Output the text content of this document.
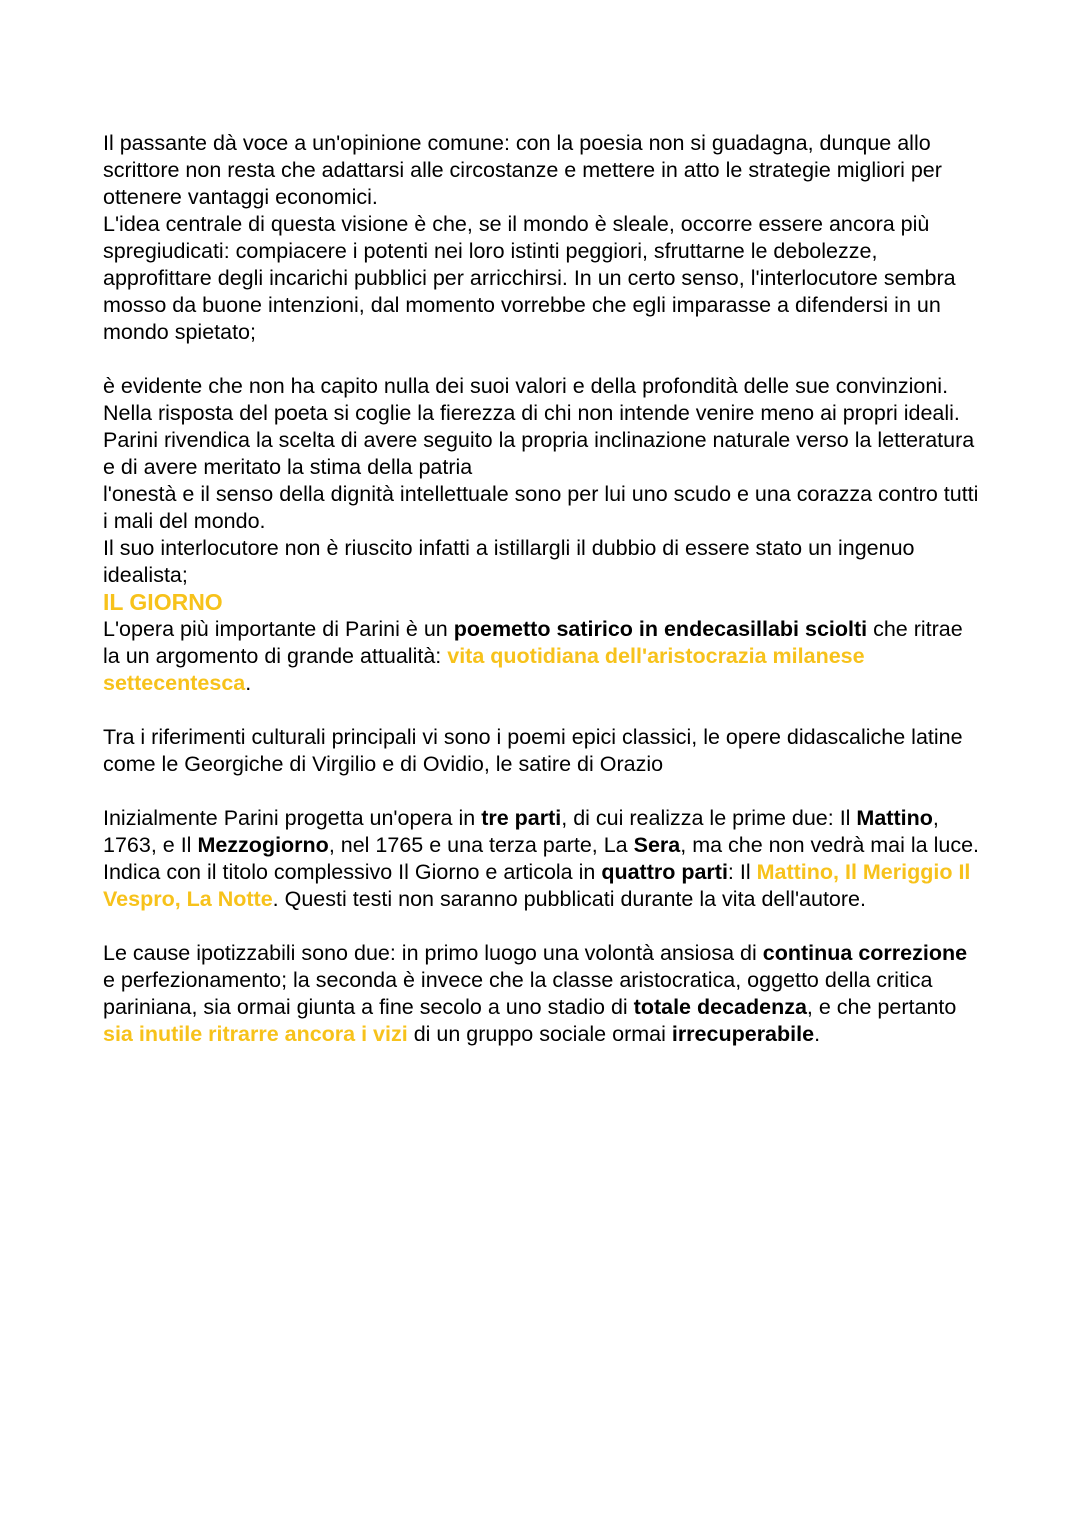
Il passante dà voce a un'opinione comune: con la poesia non si guadagna, dunque allo scrittore non resta che adattarsi alle circostanze e mettere in atto le strategie migliori per ottenere vantaggi economici.

L'idea centrale di questa visione è che, se il mondo è sleale, occorre essere ancora più spregiudicati: compiacere i potenti nei loro istinti peggiori, sfruttarne le debolezze, approfittare degli incarichi pubblici per arricchirsi. In un certo senso, l'interlocutore sembra mosso da buone intenzioni, dal momento vorrebbe che egli imparasse a difendersi in un mondo spietato;

è evidente che non ha capito nulla dei suoi valori e della profondità delle sue convinzioni.

Nella risposta del poeta si coglie la fierezza di chi non intende venire meno ai propri ideali.

Parini rivendica la scelta di avere seguito la propria inclinazione naturale verso la letteratura e di avere meritato la stima della patria

l'onestà e il senso della dignità intellettuale sono per lui uno scudo e una corazza contro tutti i mali del mondo.

Il suo interlocutore non è riuscito infatti a istillargli il dubbio di essere stato un ingenuo idealista;

IL GIORNO

L'opera più importante di Parini è un poemetto satirico in endecasillabi sciolti che ritrae la un argomento di grande attualità: vita quotidiana dell'aristocrazia milanese settecentesca.

Tra i riferimenti culturali principali vi sono i poemi epici classici, le opere didascaliche latine come le Georgiche di Virgilio e di Ovidio, le satire di Orazio

Inizialmente Parini progetta un'opera in tre parti, di cui realizza le prime due: Il Mattino, 1763, e Il Mezzogiorno, nel 1765 e una terza parte, La Sera, ma che non vedrà mai la luce.

Indica con il titolo complessivo Il Giorno e articola in quattro parti: Il Mattino, Il Meriggio Il Vespro, La Notte. Questi testi non saranno pubblicati durante la vita dell'autore.

Le cause ipotizzabili sono due: in primo luogo una volontà ansiosa di continua correzione e perfezionamento; la seconda è invece che la classe aristocratica, oggetto della critica pariniana, sia ormai giunta a fine secolo a uno stadio di totale decadenza, e che pertanto sia inutile ritrarre ancora i vizi di un gruppo sociale ormai irrecuperabile.
